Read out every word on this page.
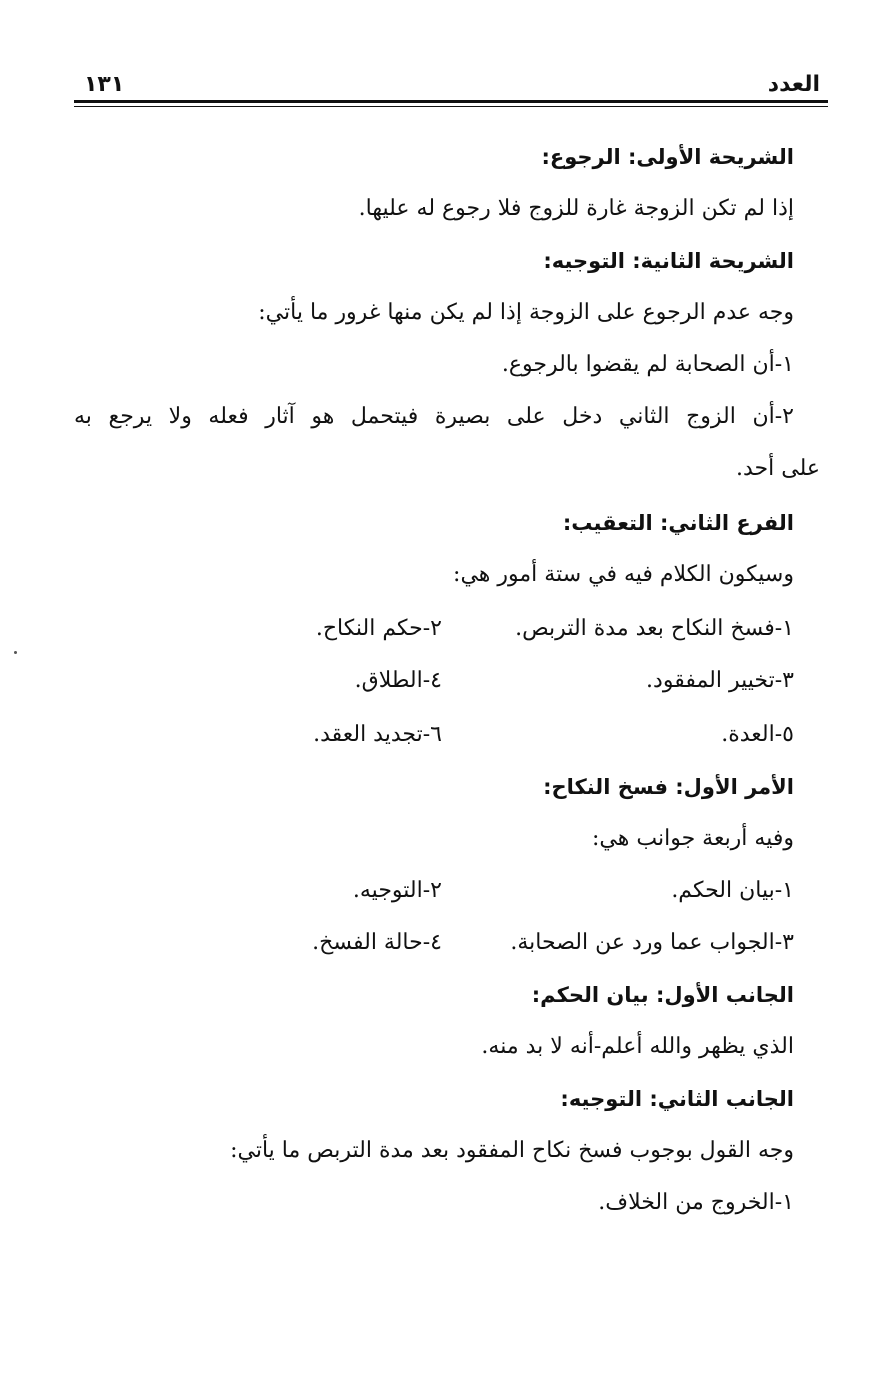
العدد
١٣١
الشريحة الأولى: الرجوع:
إذا لم تكن الزوجة غارة للزوج فلا رجوع له عليها.
الشريحة الثانية: التوجيه:
وجه عدم الرجوع على الزوجة إذا لم يكن منها غرور ما يأتي:
١-أن الصحابة لم يقضوا بالرجوع.
٢-أن الزوج الثاني دخل على بصيرة فيتحمل هو آثار فعله ولا يرجع به
على أحد.
الفرع الثاني: التعقيب:
وسيكون الكلام فيه في ستة أمور هي:
١-فسخ النكاح بعد مدة التربص.
٢-حكم النكاح.
٣-تخيير المفقود.
٤-الطلاق.
٥-العدة.
٦-تجديد العقد.
الأمر الأول: فسخ النكاح:
وفيه أربعة جوانب هي:
١-بيان الحكم.
٢-التوجيه.
٣-الجواب عما ورد عن الصحابة.
٤-حالة الفسخ.
الجانب الأول: بيان الحكم:
الذي يظهر والله أعلم-أنه لا بد منه.
الجانب الثاني: التوجيه:
وجه القول بوجوب فسخ نكاح المفقود بعد مدة التربص ما يأتي:
١-الخروج من الخلاف.
